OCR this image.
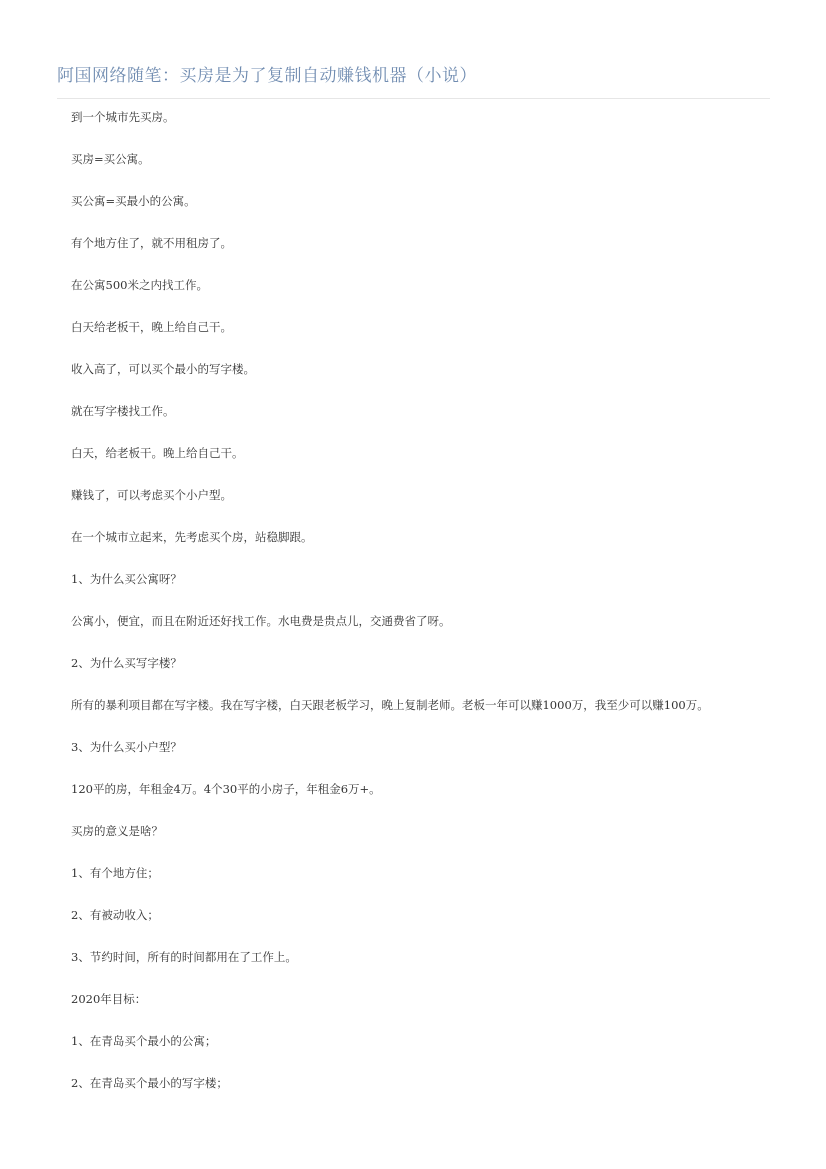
阿国网络随笔：买房是为了复制自动赚钱机器（小说）

到一个城市先买房。

买房=买公寓。

买公寓=买最小的公寓。

有个地方住了，就不用租房了。

在公寓500米之内找工作。

白天给老板干，晚上给自己干。

收入高了，可以买个最小的写字楼。

就在写字楼找工作。

白天，给老板干。晚上给自己干。

赚钱了，可以考虑买个小户型。

在一个城市立起来，先考虑买个房，站稳脚跟。

1、为什么买公寓呀？

公寓小，便宜，而且在附近还好找工作。水电费是贵点儿，交通费省了呀。

2、为什么买写字楼？

所有的暴利项目都在写字楼。我在写字楼，白天跟老板学习，晚上复制老师。老板一年可以赚1000万，我至少可以赚100万。

3、为什么买小户型？

120平的房，年租金4万。4个30平的小房子，年租金6万+。

买房的意义是啥？

1、有个地方住；

2、有被动收入；

3、节约时间，所有的时间都用在了工作上。

2020年目标：

1、在青岛买个最小的公寓；

2、在青岛买个最小的写字楼；
